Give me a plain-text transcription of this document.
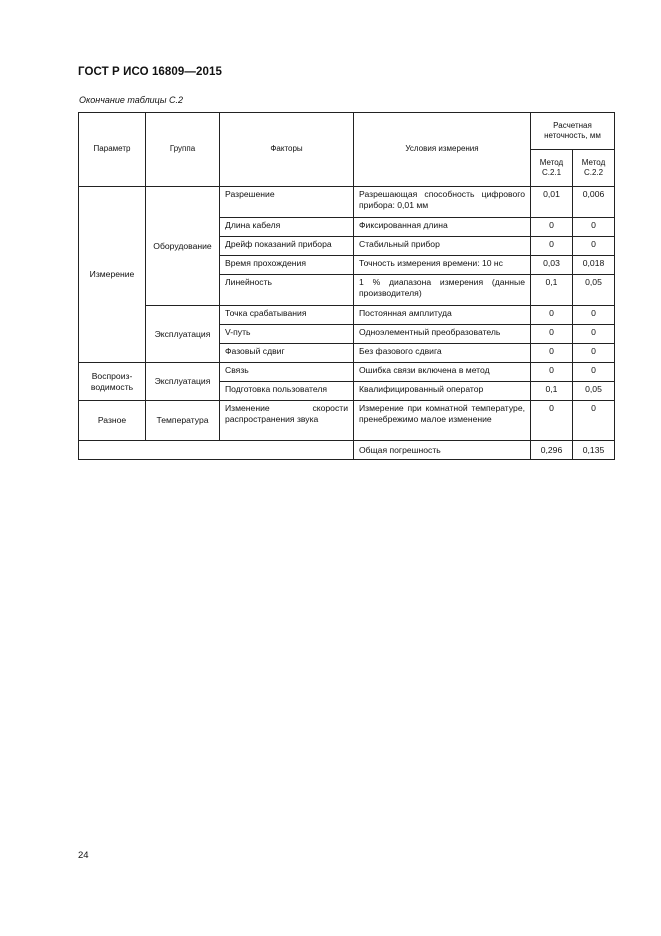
ГОСТ Р ИСО 16809—2015
Окончание таблицы С.2
Параметр	Группа	Факторы	Условия измерения	Расчетная неточность, мм	
				Метод С.2.1	Метод С.2.2
Измерение	Оборудование	Разрешение	Разрешающая способность цифрового прибора: 0,01 мм	0,01	0,006
		Длина кабеля	Фиксированная длина	0	0
		Дрейф показаний прибора	Стабильный прибор	0	0
		Время прохождения	Точность измерения времени: 10 нс	0,03	0,018
		Линейность	1 % диапазона измерения (данные производителя)	0,1	0,05
	Эксплуатация	Точка срабатывания	Постоянная амплитуда	0	0
		V-путь	Одноэлементный преобразователь	0	0
		Фазовый сдвиг	Без фазового сдвига	0	0
Воспроиз-водимость	Эксплуатация	Связь	Ошибка связи включена в метод	0	0
		Подготовка пользователя	Квалифицированный оператор	0,1	0,05
Разное	Температура	Изменение скорости распространения звука	Измерение при комнатной температуре, пренебрежимо малое изменение	0	0
			Общая погрешность	0,296	0,135
24
